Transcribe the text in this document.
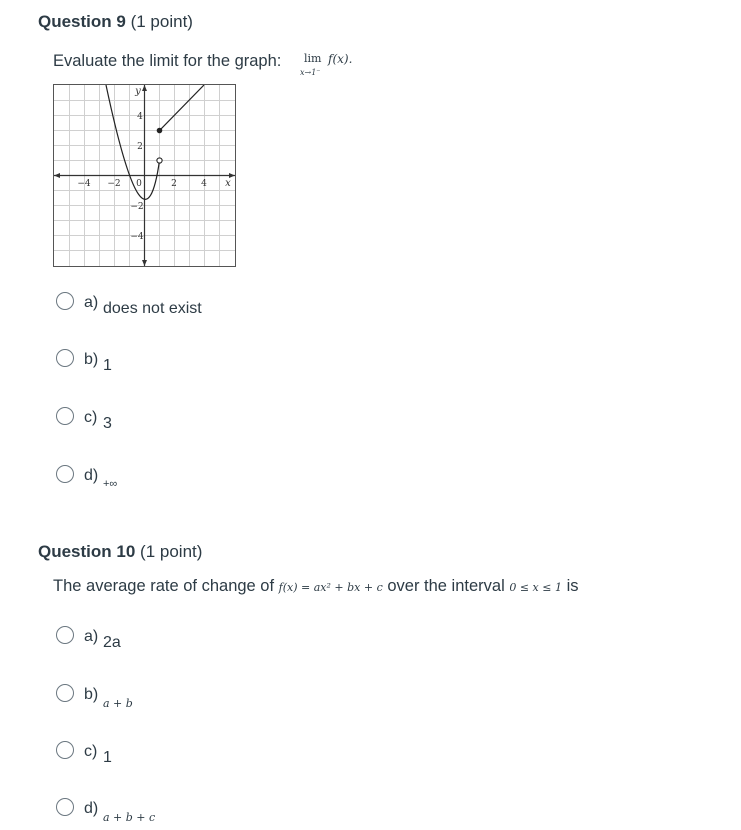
Question 9 (1 point)
Evaluate the limit for the graph: lim f(x).
x→1⁻
−4 −2 0	2	4 x
4
2
−2
−4
y
a) does not exist
b) 1
c) 3
d) +∞
Question 10 (1 point)
The average rate of change of f(x) = ax² + bx + c over the interval 0 ≤ x ≤ 1 is
a) 2a
b)
a + b
c) 1
d)
a + b + c
